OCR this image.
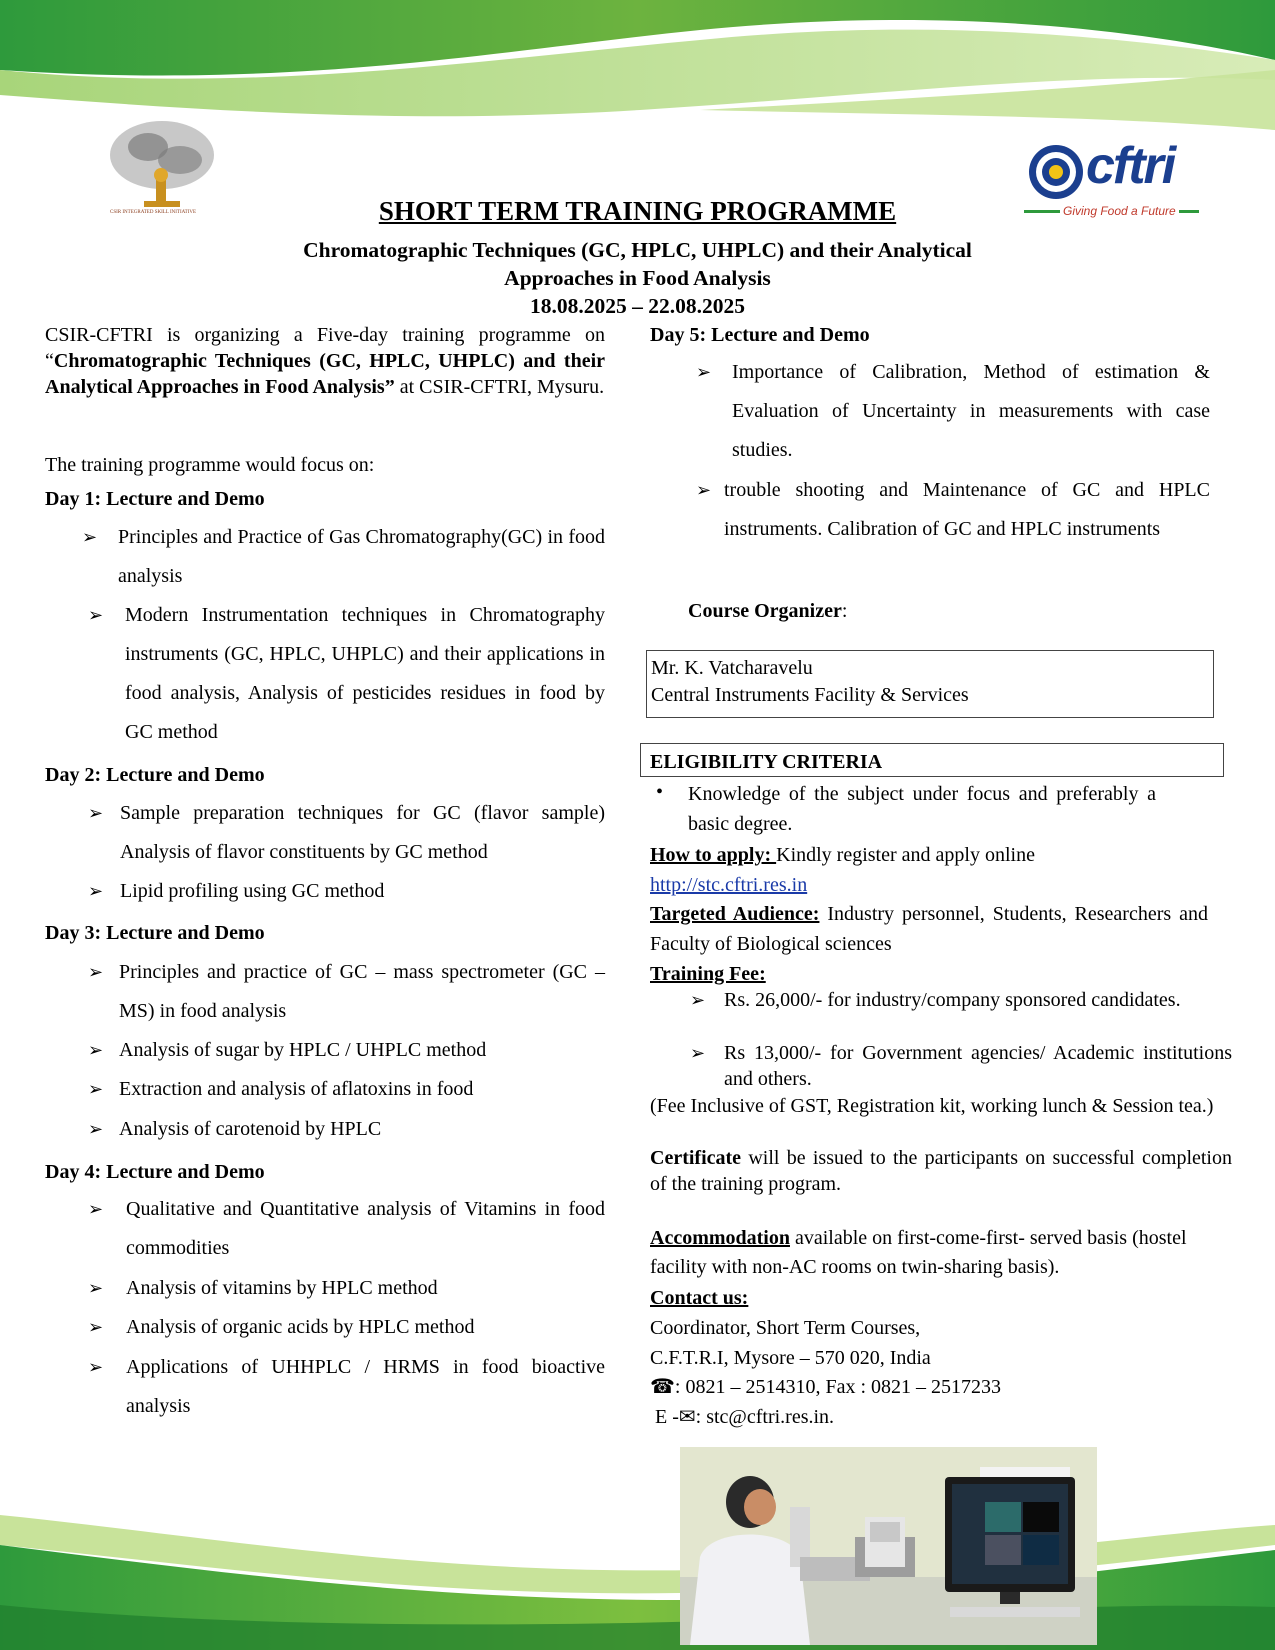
CSIR INTEGRATED SKILL INITIATIVE
cftri
Giving Food a Future
SHORT TERM TRAINING PROGRAMME
Chromatographic Techniques (GC, HPLC, UHPLC) and their Analytical
Approaches in Food Analysis
18.08.2025 – 22.08.2025
CSIR-CFTRI is organizing a Five-day training programme on “Chromatographic Techniques (GC, HPLC, UHPLC) and their Analytical Approaches in Food Analysis” at CSIR-CFTRI, Mysuru.
The training programme would focus on:
Day 1: Lecture and Demo
➢	Principles and Practice of Gas Chromatography(GC) in food analysis
➢	Modern Instrumentation techniques in Chromatography instruments (GC, HPLC, UHPLC) and their applications in food analysis, Analysis of pesticides residues in food by GC method
Day 2: Lecture and Demo
➢ Sample preparation techniques for GC (flavor sample) Analysis of flavor constituents by GC method
➢ Lipid profiling using GC method
Day 3: Lecture and Demo
➢ Principles and practice of GC – mass spectrometer (GC – MS) in food analysis
➢ Analysis of sugar by HPLC / UHPLC method
➢ Extraction and analysis of aflatoxins in food
➢ Analysis of carotenoid by HPLC
Day 4: Lecture and Demo
➢	Qualitative and Quantitative analysis of Vitamins in food commodities
➢	Analysis of vitamins by HPLC method
➢	Analysis of organic acids by HPLC method
➢	Applications of UHHPLC / HRMS in food bioactive analysis
Day 5: Lecture and Demo
➢	Importance of Calibration, Method of estimation & Evaluation of Uncertainty in measurements with case studies.
➢ trouble shooting and Maintenance of GC and HPLC instruments. Calibration of GC and HPLC instruments
Course Organizer:
Mr. K. Vatcharavelu
Central Instruments Facility & Services
ELIGIBILITY CRITERIA
•	Knowledge of the subject under focus and preferably a basic degree.
How to apply: Kindly register and apply online
http://stc.cftri.res.in
Targeted Audience: Industry personnel, Students, Researchers and Faculty of Biological sciences
Training Fee:
➢ Rs. 26,000/- for industry/company sponsored candidates.
➢ Rs 13,000/- for Government agencies/ Academic institutions and others.
(Fee Inclusive of GST, Registration kit, working lunch & Session tea.)
Certificate will be issued to the participants on successful completion of the training program.
Accommodation available on first-come-first- served basis (hostel facility with non-AC rooms on twin-sharing basis).
Contact us:
Coordinator, Short Term Courses,
C.F.T.R.I, Mysore – 570 020, India
☎: 0821 – 2514310, Fax : 0821 – 2517233
E -✉: stc@cftri.res.in.
